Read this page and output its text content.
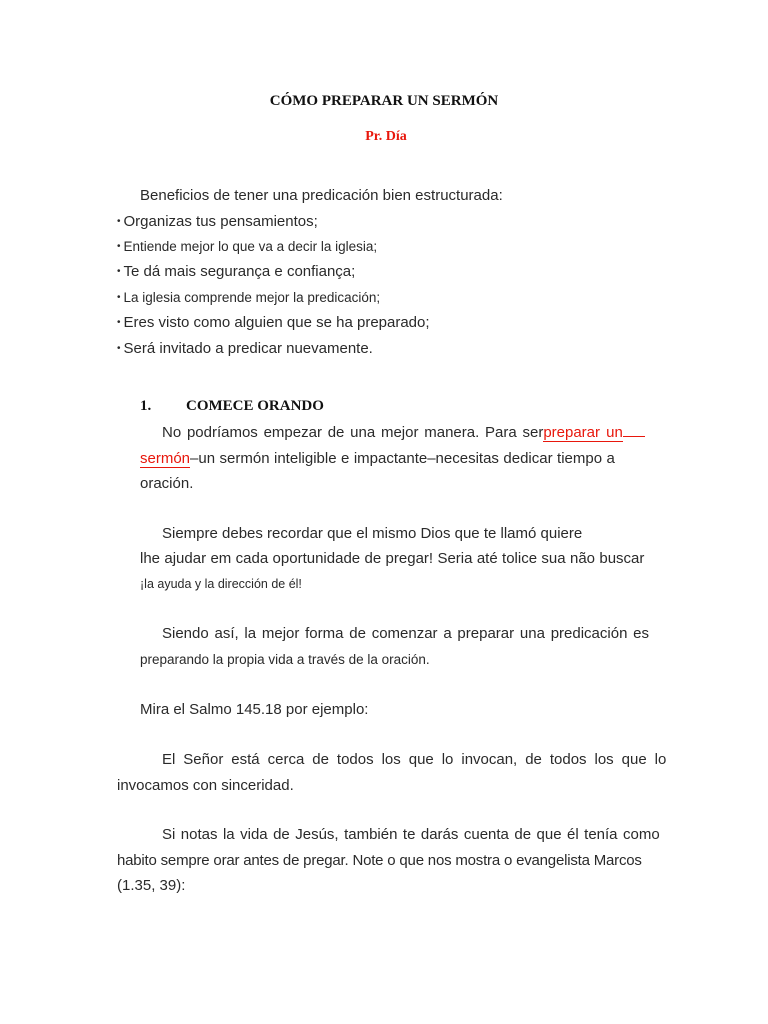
CÓMO PREPARAR UN SERMÓN
Pr. Día
Beneficios de tener una predicación bien estructurada:
• Organizas tus pensamientos;
• Entiende mejor lo que va a decir la iglesia;
• Te dá mais segurança e confiança;
• La iglesia comprende mejor la predicación;
• Eres visto como alguien que se ha preparado;
• Será invitado a predicar nuevamente.
1. COMECE ORANDO
No podríamos empezar de una mejor manera. Para serpreparar un
sermón–un sermón inteligible e impactante–necesitas dedicar tiempo a
oración.
Siempre debes recordar que el mismo Dios que te llamó quiere
lhe ajudar em cada oportunidade de pregar! Seria até tolice sua não buscar
¡la ayuda y la dirección de él!
Siendo así, la mejor forma de comenzar a preparar una predicación es
preparando la propia vida a través de la oración.
Mira el Salmo 145.18 por ejemplo:
El Señor está cerca de todos los que lo invocan, de todos los que lo
invocamos con sinceridad.
Si notas la vida de Jesús, también te darás cuenta de que él tenía como
habito sempre orar antes de pregar. Note o que nos mostra o evangelista Marcos
(1.35, 39):
